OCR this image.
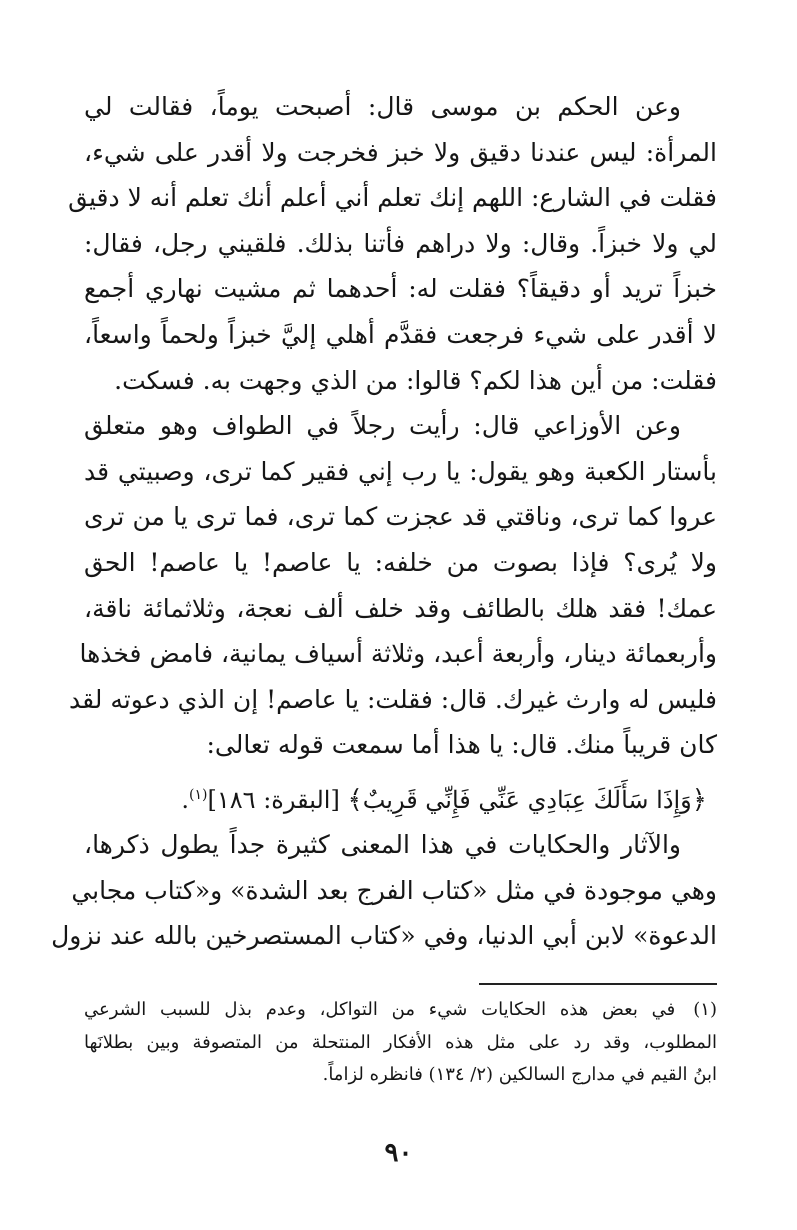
وعن الحكم بن موسى قال: أصبحت يوماً، فقالت لي
المرأة: ليس عندنا دقيق ولا خبز فخرجت ولا أقدر على شيء،
فقلت في الشارع: اللهم إنك تعلم أني أعلم أنك تعلم أنه لا دقيق
لي ولا خبزاً. وقال: ولا دراهم فأتنا بذلك. فلقيني رجل، فقال:
خبزاً تريد أو دقيقاً؟ فقلت له: أحدهما ثم مشيت نهاري أجمع
لا أقدر على شيء فرجعت فقدَّم أهلي إليَّ خبزاً ولحماً واسعاً،
فقلت: من أين هذا لكم؟ قالوا: من الذي وجهت به. فسكت.
وعن الأوزاعي قال: رأيت رجلاً في الطواف وهو متعلق
بأستار الكعبة وهو يقول: يا رب إني فقير كما ترى، وصبيتي قد
عروا كما ترى، وناقتي قد عجزت كما ترى، فما ترى يا من ترى
ولا يُرى؟ فإذا بصوت من خلفه: يا عاصم! يا عاصم! الحق
عمك! فقد هلك بالطائف وقد خلف ألف نعجة، وثلاثمائة ناقة،
وأربعمائة دينار، وأربعة أعبد، وثلاثة أسياف يمانية، فامض فخذها
فليس له وارث غيرك. قال: فقلت: يا عاصم! إن الذي دعوته لقد
كان قريباً منك. قال: يا هذا أما سمعت قوله تعالى:
﴿وَإِذَا سَأَلَكَ عِبَادِي عَنِّي فَإِنِّي قَرِيبٌ﴾ [البقرة: ١٨٦]$^{(١)}$.
والآثار والحكايات في هذا المعنى كثيرة جداً يطول ذكرها،
وهي موجودة في مثل «كتاب الفرج بعد الشدة» و«كتاب مجابي
الدعوة» لابن أبي الدنيا، وفي «كتاب المستصرخين بالله عند نزول
(١)في بعض هذه الحكايات شيء من التواكل، وعدم بذل للسبب الشرعي
المطلوب، وقد رد على مثل هذه الأفكار المنتحلة من المتصوفة وبين بطلانَها
ابنُ القيم في مدارج السالكين (٢/ ١٣٤) فانظره لزاماً.
٩٠
